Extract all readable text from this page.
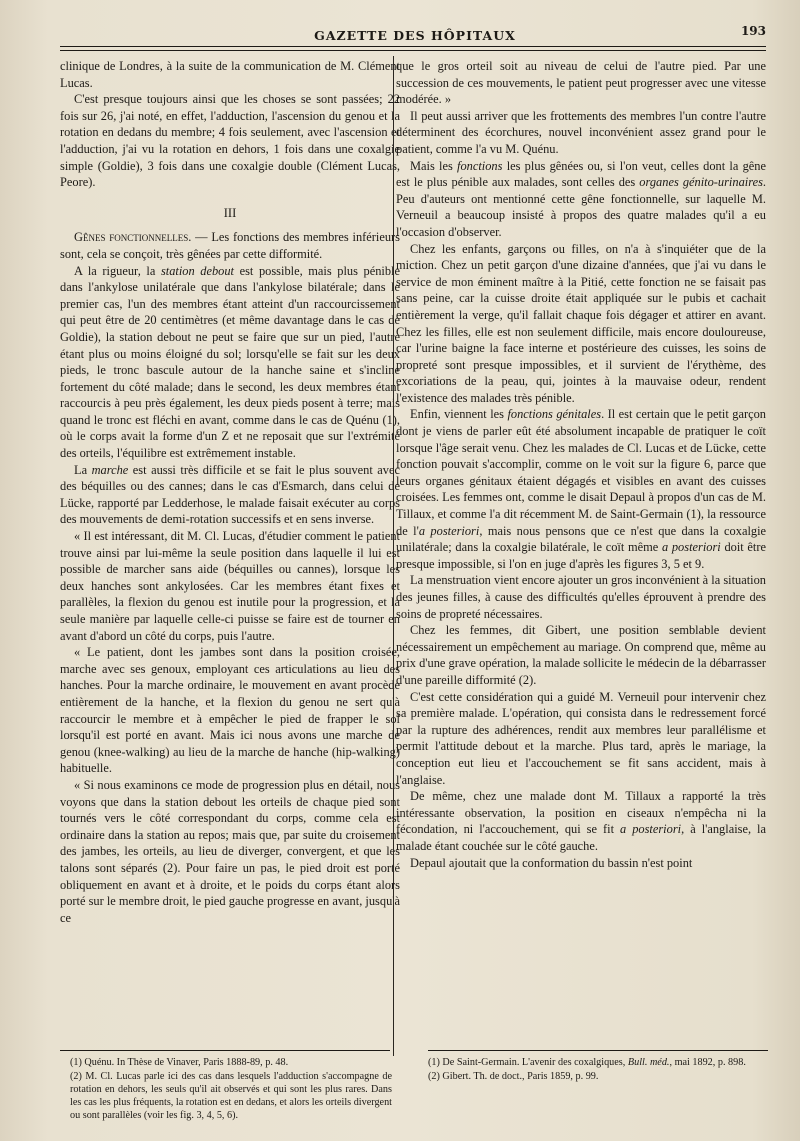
GAZETTE DES HÔPITAUX	193

clinique de Londres, à la suite de la communication de M. Clément Lucas.

C'est presque toujours ainsi que les choses se sont passées; 22 fois sur 26, j'ai noté, en effet, l'adduction, l'ascension du genou et la rotation en dedans du membre; 4 fois seulement, avec l'ascension et l'adduction, j'ai vu la rotation en dehors, 1 fois dans une coxalgie simple (Goldie), 3 fois dans une coxalgie double (Clément Lucas, Peore).

III

Gênes fonctionnelles. — Les fonctions des membres inférieurs sont, cela se conçoit, très gênées par cette difformité.

A la rigueur, la station debout est possible, mais plus pénible dans l'ankylose unilatérale que dans l'ankylose bilatérale; dans le premier cas, l'un des membres étant atteint d'un raccourcissement qui peut être de 20 centimètres (et même davantage dans le cas de Goldie), la station debout ne peut se faire que sur un pied, l'autre étant plus ou moins éloigné du sol; lorsqu'elle se fait sur les deux pieds, le tronc bascule autour de la hanche saine et s'incline fortement du côté malade; dans le second, les deux membres étant raccourcis à peu près également, les deux pieds posent à terre; mais quand le tronc est fléchi en avant, comme dans le cas de Quénu (1), où le corps avait la forme d'un Z et ne reposait que sur l'extrémité des orteils, l'équilibre est extrêmement instable.

La marche est aussi très difficile et se fait le plus souvent avec des béquilles ou des cannes; dans le cas d'Esmarch, dans celui de Lücke, rapporté par Ledderhose, le malade faisait exécuter au corps des mouvements de demi-rotation successifs et en sens inverse.

« Il est intéressant, dit M. Cl. Lucas, d'étudier comment le patient trouve ainsi par lui-même la seule position dans laquelle il lui est possible de marcher sans aide (béquilles ou cannes), lorsque les deux hanches sont ankylosées. Car les membres étant fixes et parallèles, la flexion du genou est inutile pour la progression, et la seule manière par laquelle celle-ci puisse se faire est de tourner en avant d'abord un côté du corps, puis l'autre.

« Le patient, dont les jambes sont dans la position croisée, marche avec ses genoux, employant ces articulations au lieu des hanches. Pour la marche ordinaire, le mouvement en avant procède entièrement de la hanche, et la flexion du genou ne sert qu'à raccourcir le membre et à empêcher le pied de frapper le sol lorsqu'il est porté en avant. Mais ici nous avons une marche de genou (knee-walking) au lieu de la marche de hanche (hip-walking) habituelle.

« Si nous examinons ce mode de progression plus en détail, nous voyons que dans la station debout les orteils de chaque pied sont tournés vers le côté correspondant du corps, comme cela est ordinaire dans la station au repos; mais que, par suite du croisement des jambes, les orteils, au lieu de diverger, convergent, et que les talons sont séparés (2). Pour faire un pas, le pied droit est porté obliquement en avant et à droite, et le poids du corps étant alors porté sur le membre droit, le pied gauche progresse en avant, jusqu'à ce

que le gros orteil soit au niveau de celui de l'autre pied. Par une succession de ces mouvements, le patient peut progresser avec une vitesse modérée. »

Il peut aussi arriver que les frottements des membres l'un contre l'autre déterminent des écorchures, nouvel inconvénient assez grand pour le patient, comme l'a vu M. Quénu.

Mais les fonctions les plus gênées ou, si l'on veut, celles dont la gêne est le plus pénible aux malades, sont celles des organes génito-urinaires. Peu d'auteurs ont mentionné cette gêne fonctionnelle, sur laquelle M. Verneuil a beaucoup insisté à propos des quatre malades qu'il a eu l'occasion d'observer.

Chez les enfants, garçons ou filles, on n'a à s'inquiéter que de la miction. Chez un petit garçon d'une dizaine d'années, que j'ai vu dans le service de mon éminent maître à la Pitié, cette fonction ne se faisait pas sans peine, car la cuisse droite était appliquée sur le pubis et cachait entièrement la verge, qu'il fallait chaque fois dégager et attirer en avant. Chez les filles, elle est non seulement difficile, mais encore douloureuse, car l'urine baigne la face interne et postérieure des cuisses, les soins de propreté sont presque impossibles, et il survient de l'érythème, des excoriations de la peau, qui, jointes à la mauvaise odeur, rendent l'existence des malades très pénible.

Enfin, viennent les fonctions génitales. Il est certain que le petit garçon dont je viens de parler eût été absolument incapable de pratiquer le coït lorsque l'âge serait venu. Chez les malades de Cl. Lucas et de Lücke, cette fonction pouvait s'accomplir, comme on le voit sur la figure 6, parce que leurs organes génitaux étaient dégagés et visibles en avant des cuisses croisées. Les femmes ont, comme le disait Depaul à propos d'un cas de M. Tillaux, et comme l'a dit récemment M. de Saint-Germain (1), la ressource de l'a posteriori, mais nous pensons que ce n'est que dans la coxalgie unilatérale; dans la coxalgie bilatérale, le coït même a posteriori doit être presque impossible, si l'on en juge d'après les figures 3, 5 et 9.

La menstruation vient encore ajouter un gros inconvénient à la situation des jeunes filles, à cause des difficultés qu'elles éprouvent à prendre des soins de propreté nécessaires.

Chez les femmes, dit Gibert, une position semblable devient nécessairement un empêchement au mariage. On comprend que, même au prix d'une grave opération, la malade sollicite le médecin de la débarrasser d'une pareille difformité (2).

C'est cette considération qui a guidé M. Verneuil pour intervenir chez sa première malade. L'opération, qui consista dans le redressement forcé par la rupture des adhérences, rendit aux membres leur parallélisme et permit l'attitude debout et la marche. Plus tard, après le mariage, la conception eut lieu et l'accouchement se fit sans accident, mais à l'anglaise.

De même, chez une malade dont M. Tillaux a rapporté la très intéressante observation, la position en ciseaux n'empêcha ni la fécondation, ni l'accouchement, qui se fit a posteriori, à l'anglaise, la malade étant couchée sur le côté gauche.

Depaul ajoutait que la conformation du bassin n'est point

(1) Quénu. In Thèse de Vinaver, Paris 1888-89, p. 48.

(2) M. Cl. Lucas parle ici des cas dans lesquels l'adduction s'accompagne de rotation en dehors, les seuls qu'il ait observés et qui sont les plus rares. Dans les cas les plus fréquents, la rotation est en dedans, et alors les orteils divergent ou sont parallèles (voir les fig. 3, 4, 5, 6).

(1) De Saint-Germain. L'avenir des coxalgiques, Bull. méd., mai 1892, p. 898.

(2) Gibert. Th. de doct., Paris 1859, p. 99.
